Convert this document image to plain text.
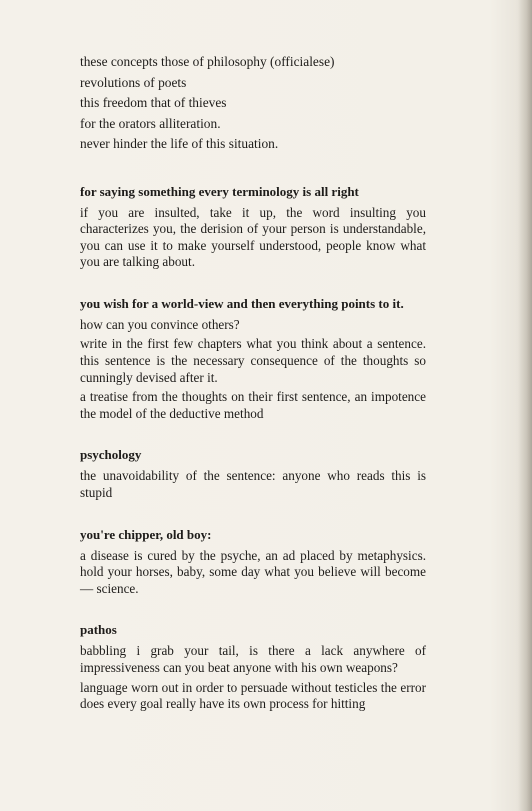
these concepts those of philosophy (officialese)
revolutions of poets
this freedom that of thieves
for the orators alliteration.
never hinder the life of this situation.
for saying something every terminology is all right

if you are insulted, take it up, the word insulting you characterizes you, the derision of your person is understandable, you can use it to make yourself understood, people know what you are talking about.

you wish for a world-view and then everything points to it.

how can you convince others?

write in the first few chapters what you think about a sentence. this sentence is the necessary consequence of the thoughts so cunningly devised after it.

a treatise from the thoughts on their first sentence, an impotence the model of the deductive method

psychology

the unavoidability of the sentence: anyone who reads this is stupid

you're chipper, old boy:

a disease is cured by the psyche, an ad placed by metaphysics. hold your horses, baby, some day what you believe will become — science.

pathos

babbling i grab your tail, is there a lack anywhere of impressiveness can you beat anyone with his own weapons?

language worn out in order to persuade without testicles the error does every goal really have its own process for hitting
